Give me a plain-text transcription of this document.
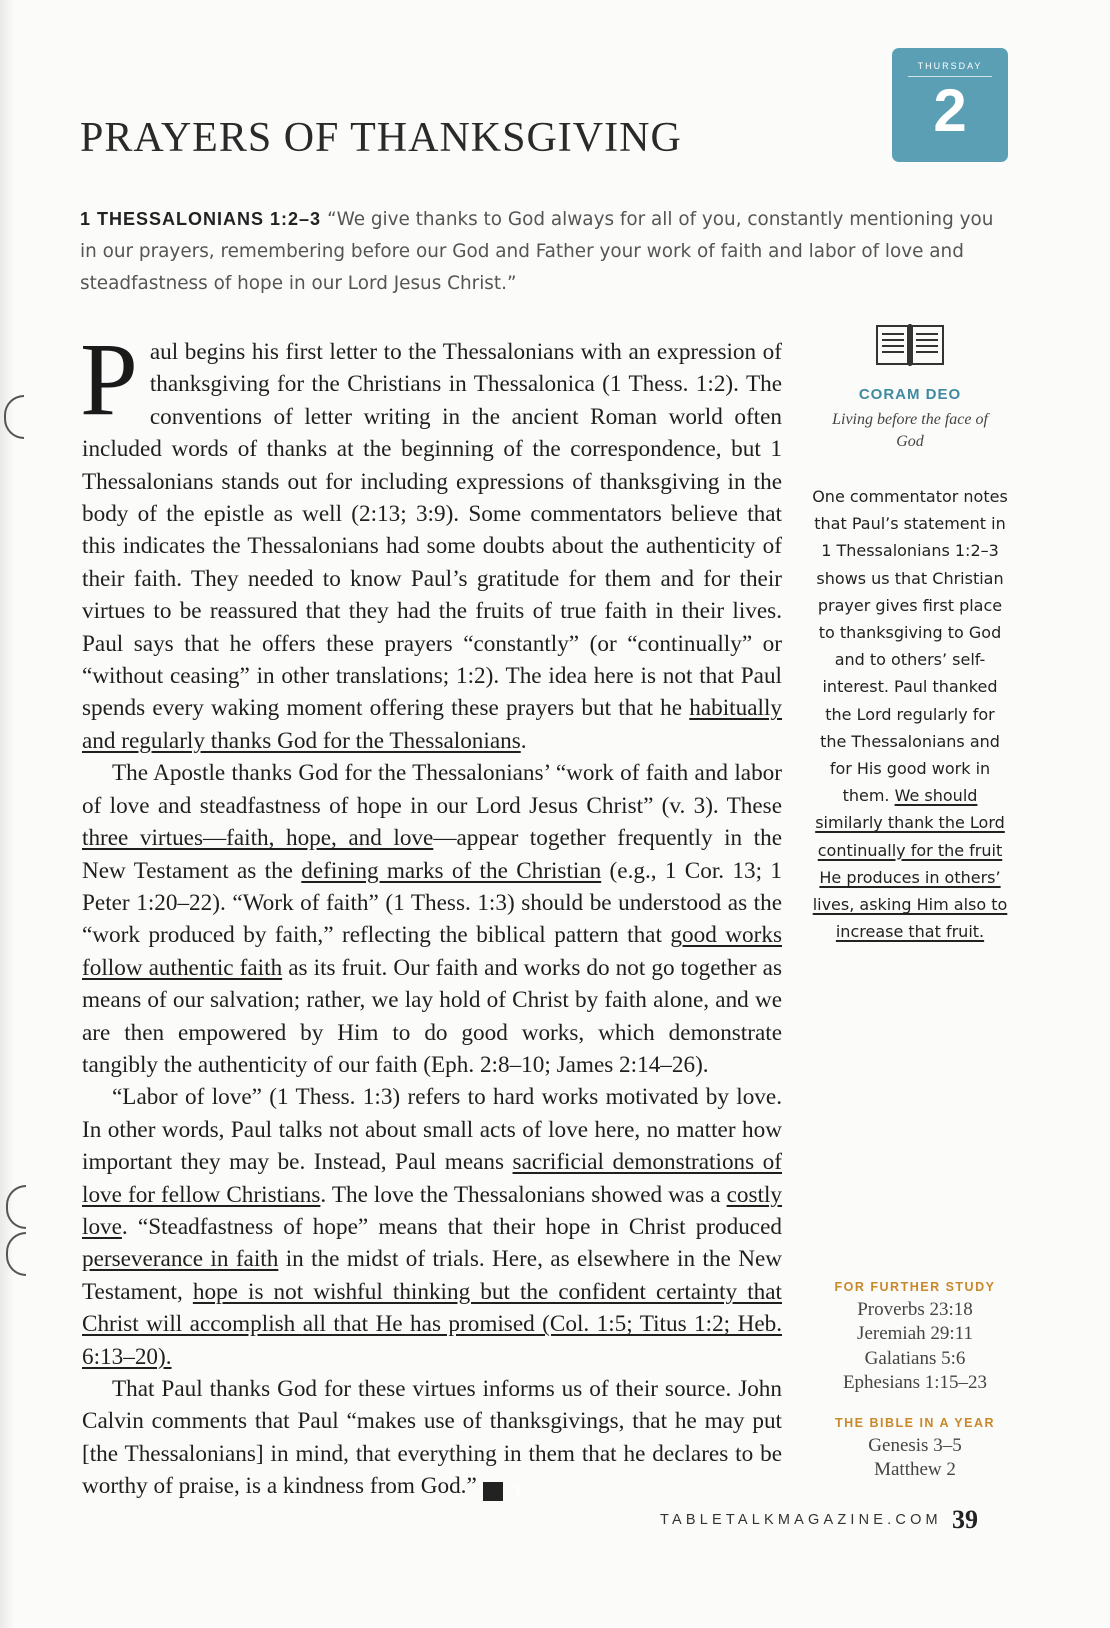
PRAYERS OF THANKSGIVING
THURSDAY
2
1 THESSALONIANS 1:2–3 “We give thanks to God always for all of you, constantly mentioning you in our prayers, remembering before our God and Father your work of faith and labor of love and steadfastness of hope in our Lord Jesus Christ.”

Paul begins his first letter to the Thessalonians with an expression of thanksgiving for the Christians in Thessalonica (1 Thess. 1:2). The conventions of letter writing in the ancient Roman world often included words of thanks at the beginning of the correspondence, but 1 Thessalonians stands out for including expressions of thanksgiving in the body of the epistle as well (2:13; 3:9). Some commentators believe that this indicates the Thessalonians had some doubts about the authenticity of their faith. They needed to know Paul’s gratitude for them and for their virtues to be reassured that they had the fruits of true faith in their lives. Paul says that he offers these prayers “constantly” (or “continually” or “without ceasing” in other translations; 1:2). The idea here is not that Paul spends every waking moment offering these prayers but that he habitually and regularly thanks God for the Thessalonians.

The Apostle thanks God for the Thessalonians’ “work of faith and labor of love and steadfastness of hope in our Lord Jesus Christ” (v. 3). These three virtues—faith, hope, and love—appear together frequently in the New Testament as the defining marks of the Christian (e.g., 1 Cor. 13; 1 Peter 1:20–22). “Work of faith” (1 Thess. 1:3) should be understood as the “work produced by faith,” reflecting the biblical pattern that good works follow authentic faith as its fruit. Our faith and works do not go together as means of our salvation; rather, we lay hold of Christ by faith alone, and we are then empowered by Him to do good works, which demonstrate tangibly the authenticity of our faith (Eph. 2:8–10; James 2:14–26).

“Labor of love” (1 Thess. 1:3) refers to hard works motivated by love. In other words, Paul talks not about small acts of love here, no matter how important they may be. Instead, Paul means sacrificial demonstrations of love for fellow Christians. The love the Thessalonians showed was a costly love. “Steadfastness of hope” means that their hope in Christ produced perseverance in faith in the midst of trials. Here, as elsewhere in the New Testament, hope is not wishful thinking but the confident certainty that Christ will accomplish all that He has promised (Col. 1:5; Titus 1:2; Heb. 6:13–20).

That Paul thanks God for these virtues informs us of their source. John Calvin comments that Paul “makes use of thanksgivings, that he may put [the Thessalonians] in mind, that everything in them that he declares to be worthy of praise, is a kindness from God.” T

CORAM DEO
Living before the face of God
One commentator notes that Paul’s statement in 1 Thessalonians 1:2–3 shows us that Christian prayer gives first place to thanksgiving to God and to others’ self-interest. Paul thanked the Lord regularly for the Thessalonians and for His good work in them. We should similarly thank the Lord continually for the fruit He produces in others’ lives, asking Him also to increase that fruit.
FOR FURTHER STUDY
Proverbs 23:18
Jeremiah 29:11
Galatians 5:6
Ephesians 1:15–23
THE BIBLE IN A YEAR
Genesis 3–5
Matthew 2
TABLETALKMAGAZINE.COM 39
